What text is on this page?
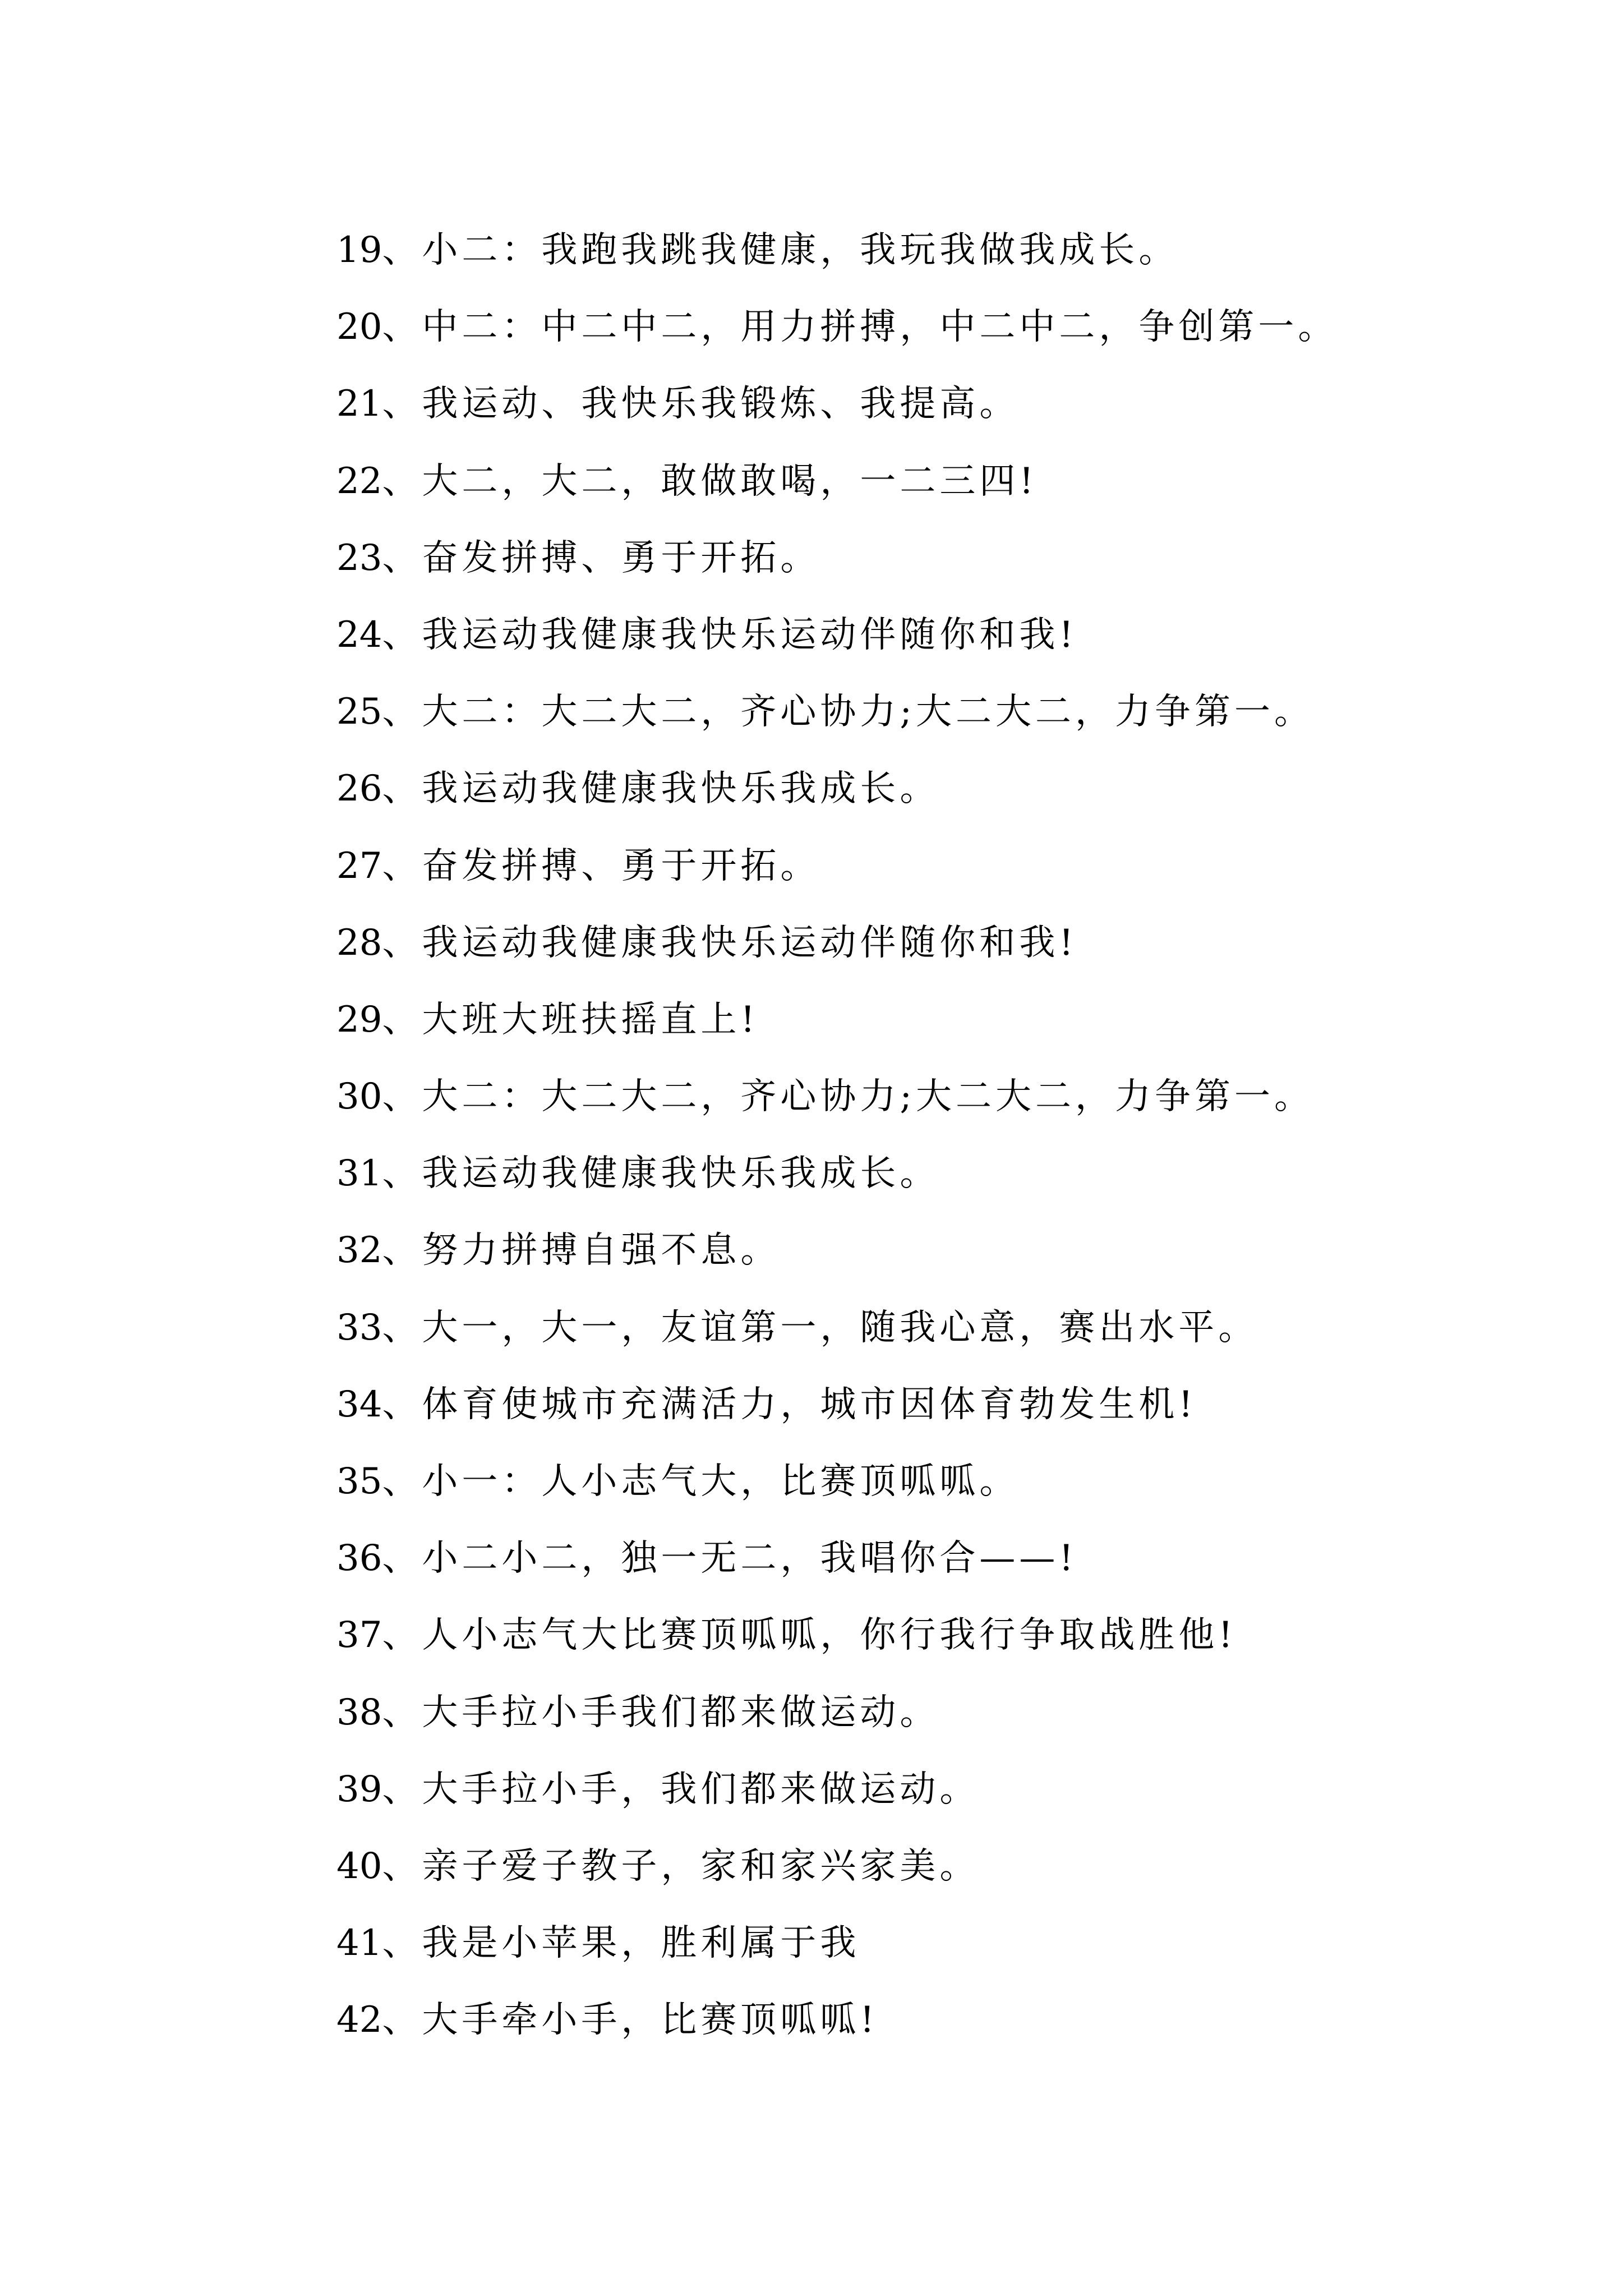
19、小二：我跑我跳我健康，我玩我做我成长。
20、中二：中二中二，用力拼搏，中二中二，争创第一。
21、我运动、我快乐我锻炼、我提高。
22、大二，大二，敢做敢喝，一二三四!
23、奋发拼搏、勇于开拓。
24、我运动我健康我快乐运动伴随你和我!
25、大二：大二大二，齐心协力;大二大二，力争第一。
26、我运动我健康我快乐我成长。
27、奋发拼搏、勇于开拓。
28、我运动我健康我快乐运动伴随你和我!
29、大班大班扶摇直上!
30、大二：大二大二，齐心协力;大二大二，力争第一。
31、我运动我健康我快乐我成长。
32、努力拼搏自强不息。
33、大一，大一，友谊第一，随我心意，赛出水平。
34、体育使城市充满活力，城市因体育勃发生机!
35、小一：人小志气大，比赛顶呱呱。
36、小二小二，独一无二，我唱你合——!
37、人小志气大比赛顶呱呱，你行我行争取战胜他!
38、大手拉小手我们都来做运动。
39、大手拉小手，我们都来做运动。
40、亲子爱子教子，家和家兴家美。
41、我是小苹果，胜利属于我
42、大手牵小手，比赛顶呱呱!
